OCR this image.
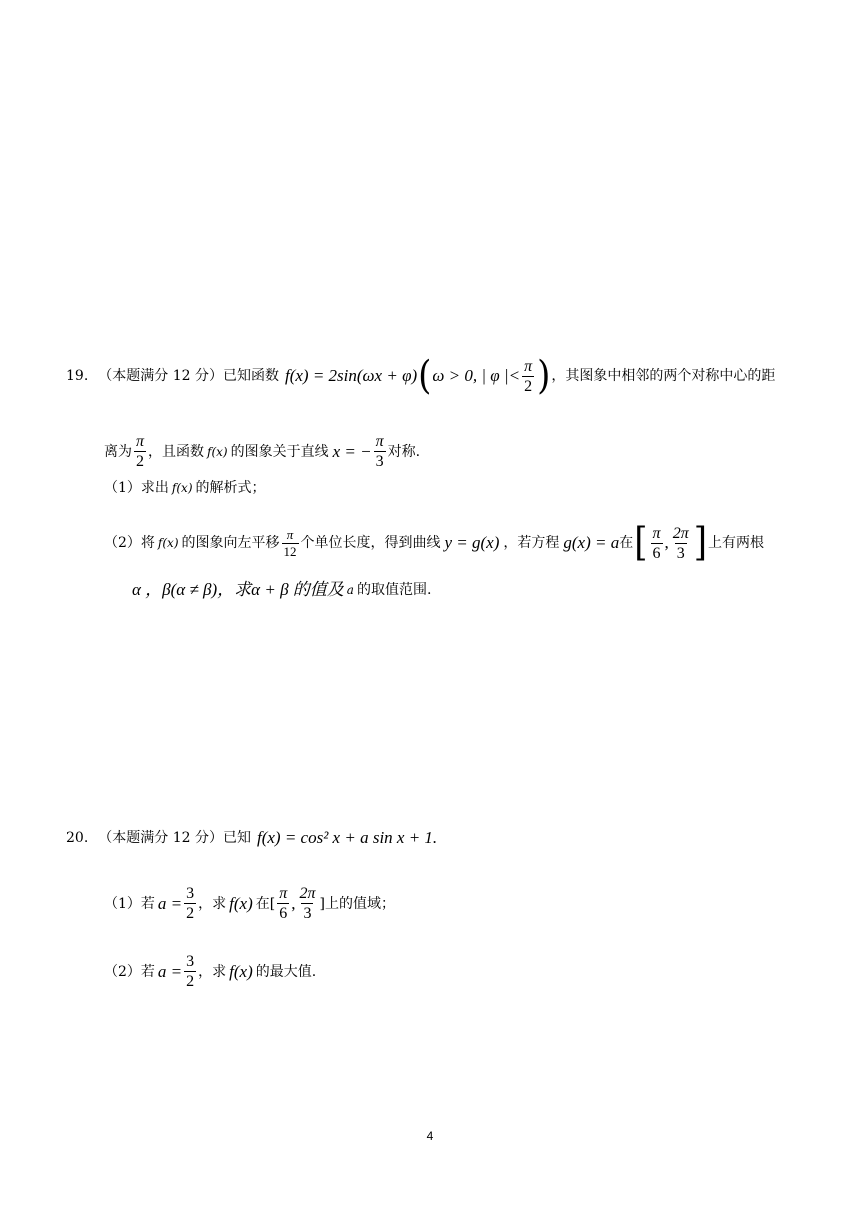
19. （本题满分 12 分）已知函数 f(x) = 2sin(ωx + φ) ( ω > 0, | φ |< $\frac{\pi}{2}$ ) ，其图象中相邻的两个对称中心的距
离为 $\frac{\pi}{2}$ ，且函数 f(x) 的图象关于直线 x = − $\frac{\pi}{3}$ 对称.
（1）求出 f(x) 的解析式；
（2）将 f(x) 的图象向左平移 $\frac{\pi}{12}$ 个单位长度，得到曲线 y = g(x) ，若方程 g(x) = a 在 [ $\frac{\pi}{6}$ , $\frac{2\pi}{3}$ ] 上有两根
α ，β(α ≠ β)，求α + β 的值及 a 的取值范围.
20. （本题满分 12 分）已知 f(x) = cos² x + a sin x + 1.
（1）若 $a = \frac{3}{2}$ ，求 f(x) 在[ $\frac{\pi}{6}$ , $\frac{2\pi}{3}$ ]上的值域；
（2）若 $a = \frac{3}{2}$ ，求 f(x) 的最大值.
4
